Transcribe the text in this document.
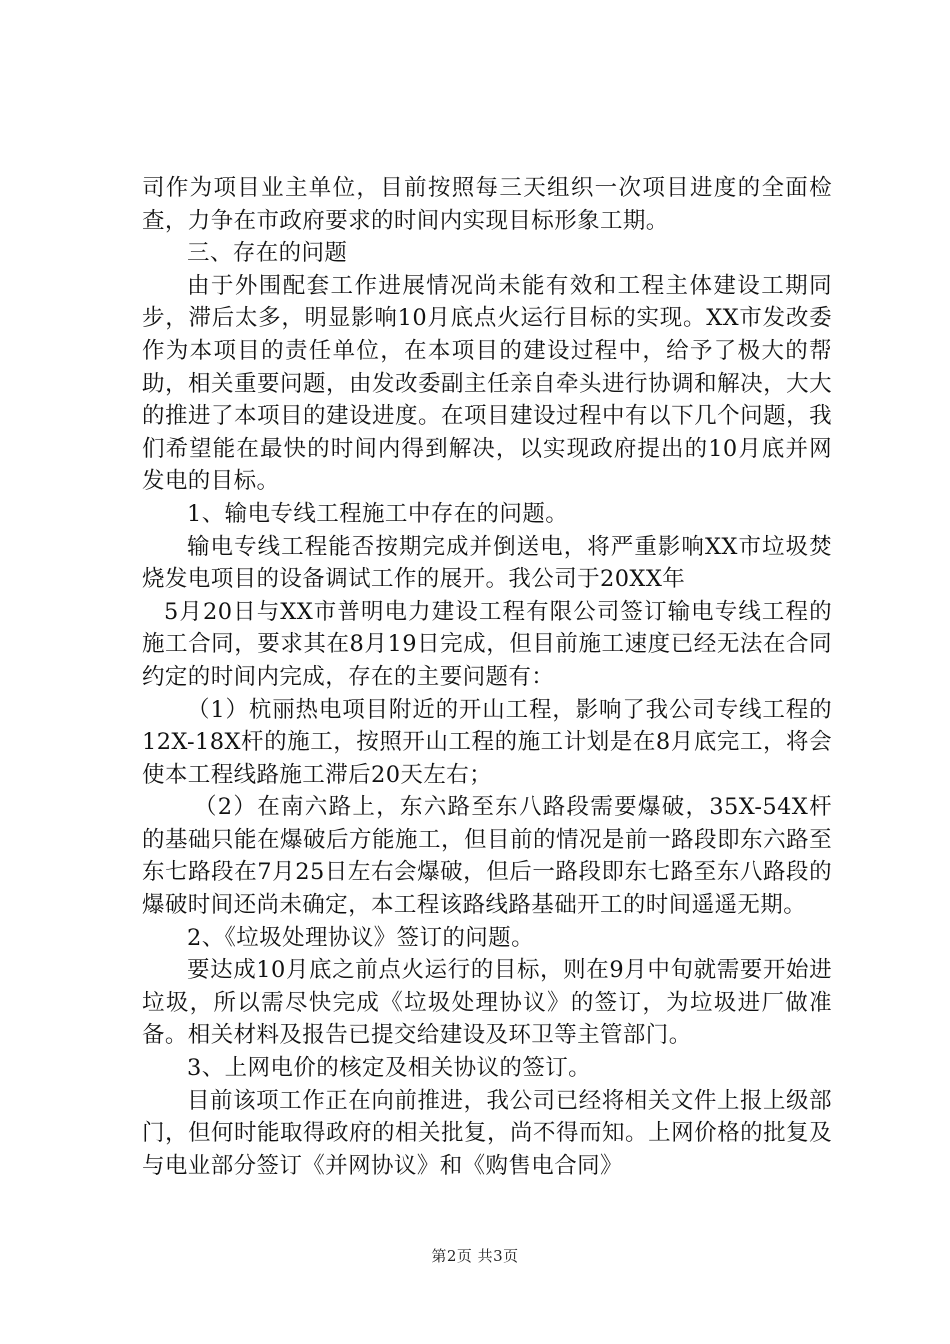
司作为项目业主单位，目前按照每三天组织一次项目进度的全面检查，力争在市政府要求的时间内实现目标形象工期。

三、存在的问题

由于外围配套工作进展情况尚未能有效和工程主体建设工期同步，滞后太多，明显影响10月底点火运行目标的实现。XX市发改委作为本项目的责任单位，在本项目的建设过程中，给予了极大的帮助，相关重要问题，由发改委副主任亲自牵头进行协调和解决，大大的推进了本项目的建设进度。在项目建设过程中有以下几个问题，我们希望能在最快的时间内得到解决，以实现政府提出的10月底并网发电的目标。

1、输电专线工程施工中存在的问题。

输电专线工程能否按期完成并倒送电，将严重影响XX市垃圾焚烧发电项目的设备调试工作的展开。我公司于20XX年

5月20日与XX市普明电力建设工程有限公司签订输电专线工程的施工合同，要求其在8月19日完成，但目前施工速度已经无法在合同约定的时间内完成，存在的主要问题有：

（1）杭丽热电项目附近的开山工程，影响了我公司专线工程的12X-18X杆的施工，按照开山工程的施工计划是在8月底完工，将会使本工程线路施工滞后20天左右；

（2）在南六路上，东六路至东八路段需要爆破，35X-54X杆的基础只能在爆破后方能施工，但目前的情况是前一路段即东六路至东七路段在7月25日左右会爆破，但后一路段即东七路至东八路段的爆破时间还尚未确定，本工程该路线路基础开工的时间遥遥无期。

2、《垃圾处理协议》签订的问题。

要达成10月底之前点火运行的目标，则在9月中旬就需要开始进垃圾，所以需尽快完成《垃圾处理协议》的签订，为垃圾进厂做准备。相关材料及报告已提交给建设及环卫等主管部门。

3、上网电价的核定及相关协议的签订。

目前该项工作正在向前推进，我公司已经将相关文件上报上级部门，但何时能取得政府的相关批复，尚不得而知。上网价格的批复及与电业部分签订《并网协议》和《购售电合同》

第2页 共3页
